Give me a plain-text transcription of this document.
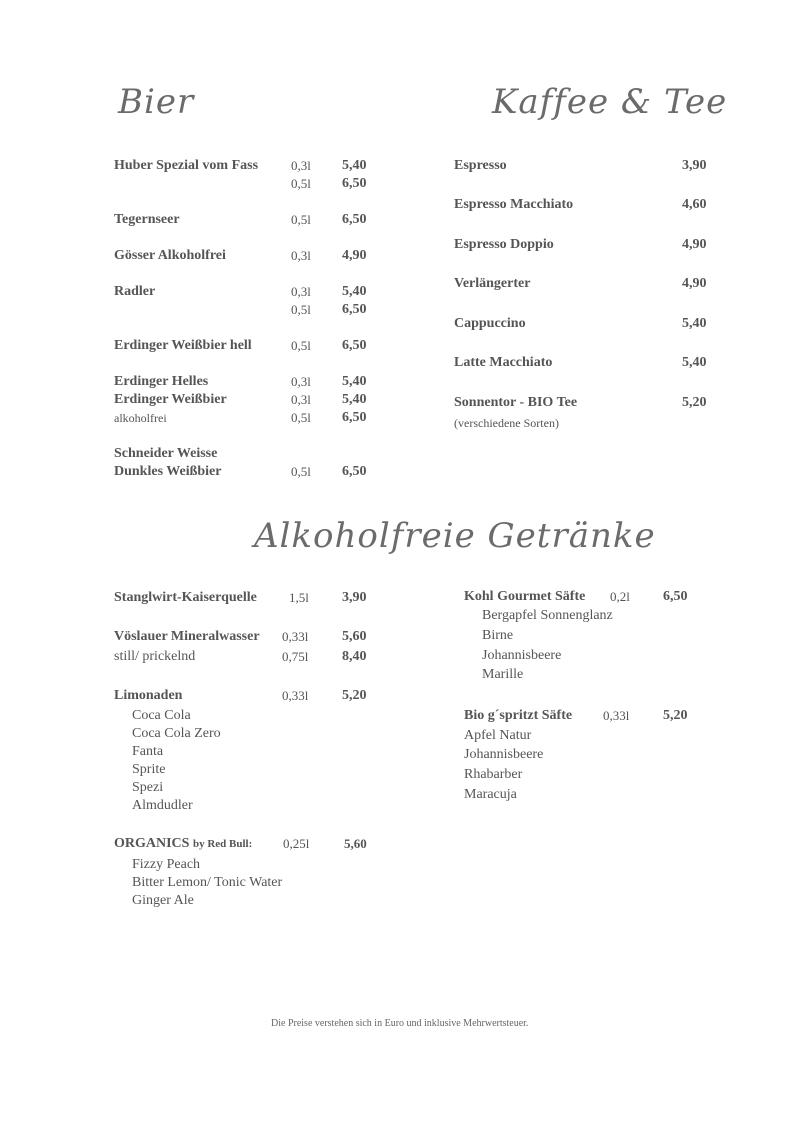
Bier	Kaffee & Tee
Alkoholfreie Getränke
Huber Spezial vom Fass	0,3l 5,40
0,5l 6,50
Tegernseer	0,5l 6,50
Gösser Alkoholfrei	0,3l 4,90
Radler	0,3l 5,40
0,5l 6,50
Erdinger Weißbier hell	0,5l 6,50
Erdinger Helles	0,3l 5,40
Erdinger Weißbier	0,3l 5,40
alkoholfrei	0,5l 6,50
Schneider Weisse
Dunkles Weißbier	0,5l 6,50
Espresso	3,90
Espresso Macchiato	4,60
Espresso Doppio	4,90
Verlängerter	4,90
Cappuccino	5,40
Latte Macchiato	5,40
Sonnentor - BIO Tee	5,20
(verschiedene Sorten)
Stanglwirt-Kaiserquelle 1,5l 3,90
Vöslauer Mineralwasser 0,33l 5,60
still/ prickelnd	0,75l 8,40
Limonaden	0,33l 5,20
Coca Cola
Coca Cola Zero
Fanta
Sprite
Spezi
Almdudler
ORGANICS by Red Bull: 0,25l	5,60
Fizzy Peach
Bitter Lemon/ Tonic Water
Ginger Ale
Kohl Gourmet Säfte 0,2l 6,50
Bergapfel Sonnenglanz
Birne
Johannisbeere
Marille
Bio g´spritzt Säfte 0,33l 5,20
Apfel Natur
Johannisbeere
Rhabarber
Maracuja
Die Preise verstehen sich in Euro und inklusive Mehrwertsteuer.
